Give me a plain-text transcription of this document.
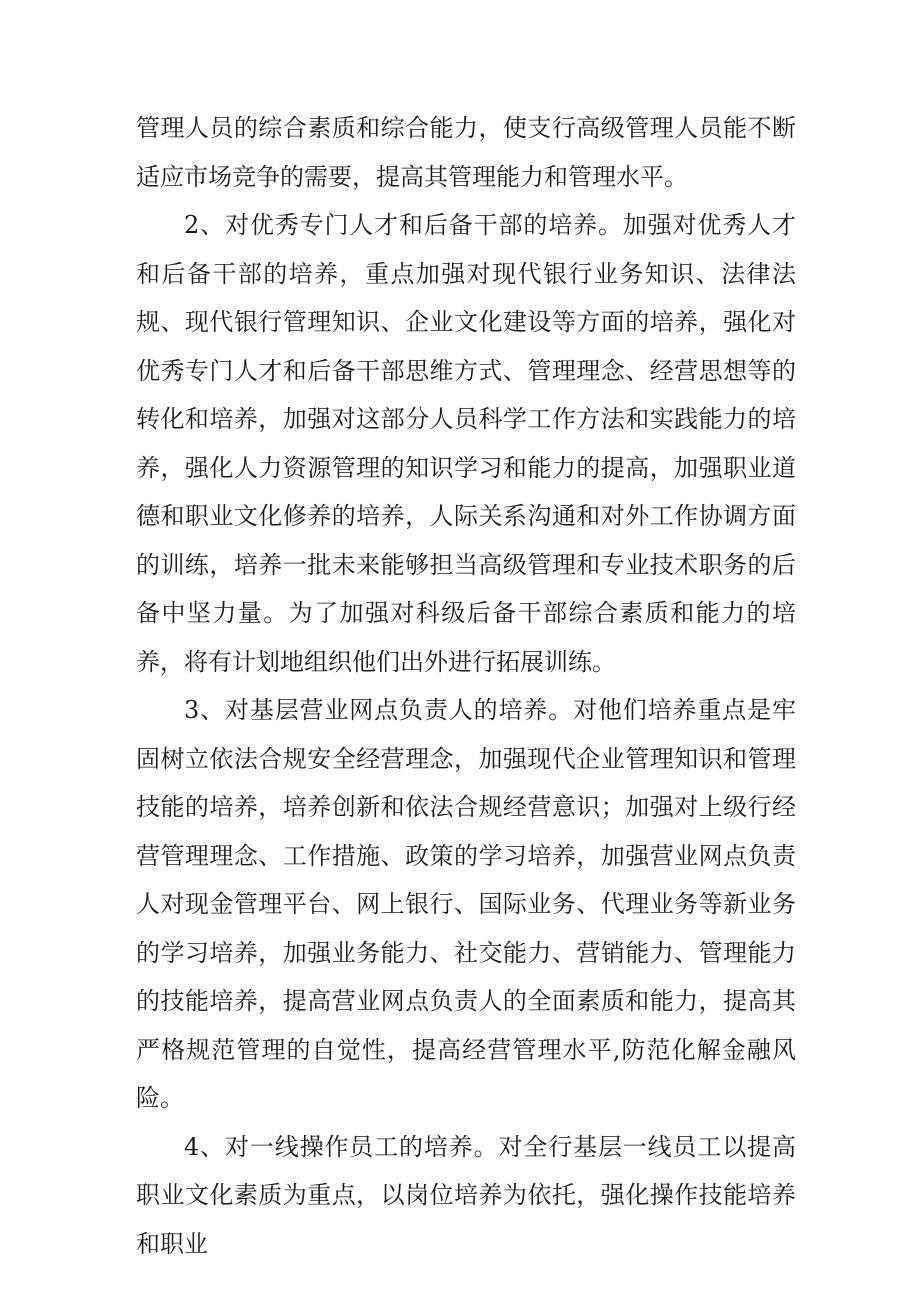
管理人员的综合素质和综合能力，使支行高级管理人员能不断适应市场竞争的需要，提高其管理能力和管理水平。

2、对优秀专门人才和后备干部的培养。加强对优秀人才和后备干部的培养，重点加强对现代银行业务知识、法律法规、现代银行管理知识、企业文化建设等方面的培养，强化对优秀专门人才和后备干部思维方式、管理理念、经营思想等的转化和培养，加强对这部分人员科学工作方法和实践能力的培养，强化人力资源管理的知识学习和能力的提高，加强职业道德和职业文化修养的培养，人际关系沟通和对外工作协调方面的训练，培养一批未来能够担当高级管理和专业技术职务的后备中坚力量。为了加强对科级后备干部综合素质和能力的培养，将有计划地组织他们出外进行拓展训练。

3、对基层营业网点负责人的培养。对他们培养重点是牢固树立依法合规安全经营理念，加强现代企业管理知识和管理技能的培养，培养创新和依法合规经营意识；加强对上级行经营管理理念、工作措施、政策的学习培养，加强营业网点负责人对现金管理平台、网上银行、国际业务、代理业务等新业务的学习培养，加强业务能力、社交能力、营销能力、管理能力的技能培养，提高营业网点负责人的全面素质和能力，提高其严格规范管理的自觉性，提高经营管理水平,防范化解金融风险。

4、对一线操作员工的培养。对全行基层一线员工以提高职业文化素质为重点，以岗位培养为依托，强化操作技能培养和职业
